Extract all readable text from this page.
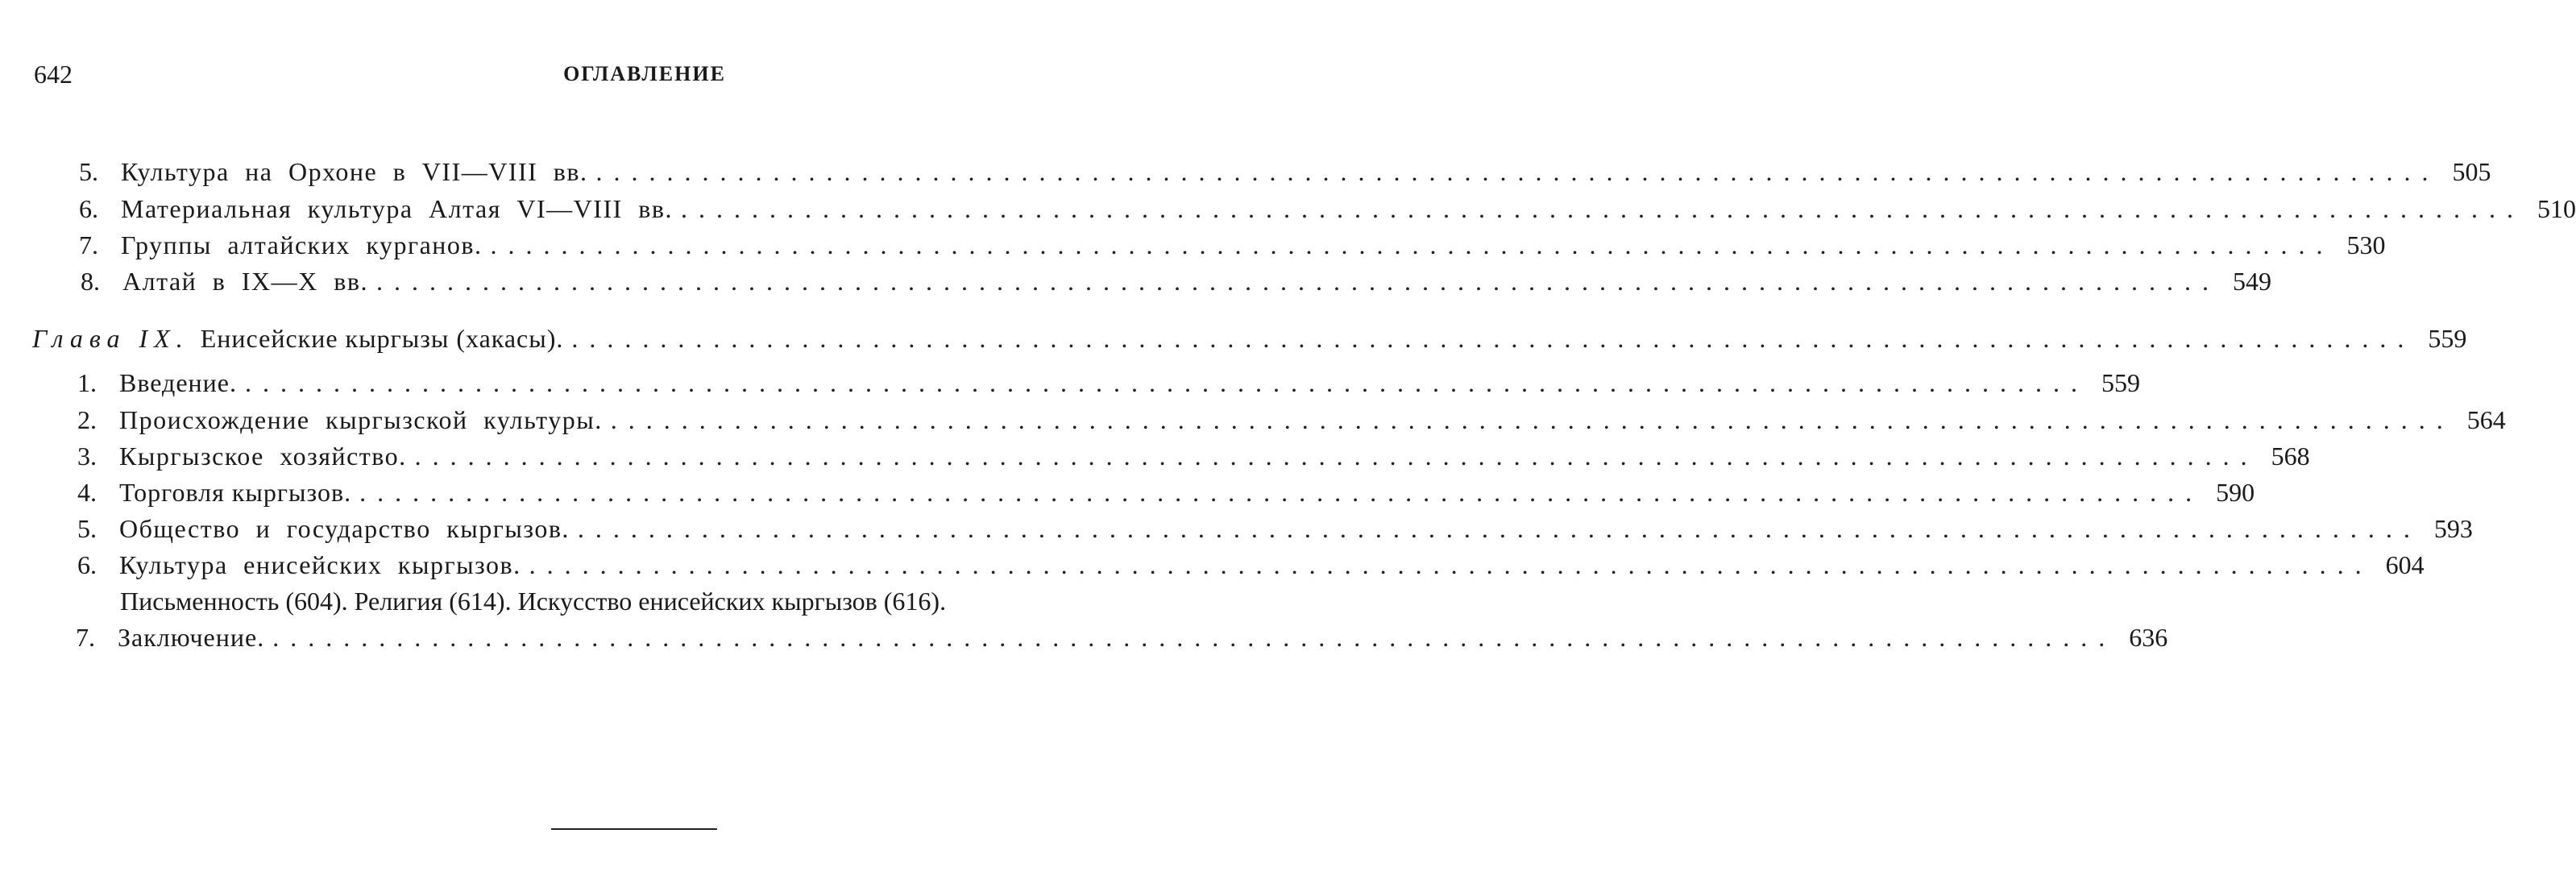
642	ОГЛАВЛЕНИЕ
5. Культура на Орхоне в VII—VIII вв. ........................................................................................................ 505
6. Материальная культура Алтая VI—VIII вв. ........................................................................................................ 510
7. Группы алтайских курганов. ........................................................................................................ 530
8. Алтай в IX—X вв. ........................................................................................................ 549
Глава IX. Енисейские кыргызы (хакасы). ........................................................................................................ 559
1. Введение. ........................................................................................................ 559
2. Происхождение кыргызской культуры. ........................................................................................................ 564
3. Кыргызское хозяйство. ........................................................................................................ 568
4. Торговля кыргызов. ........................................................................................................ 590
5. Общество и государство кыргызов. ........................................................................................................ 593
6. Культура енисейских кыргызов. ........................................................................................................ 604
Письменность (604). Религия (614). Искусство енисейских кыргызов (616).
7. Заключение. ........................................................................................................ 636
